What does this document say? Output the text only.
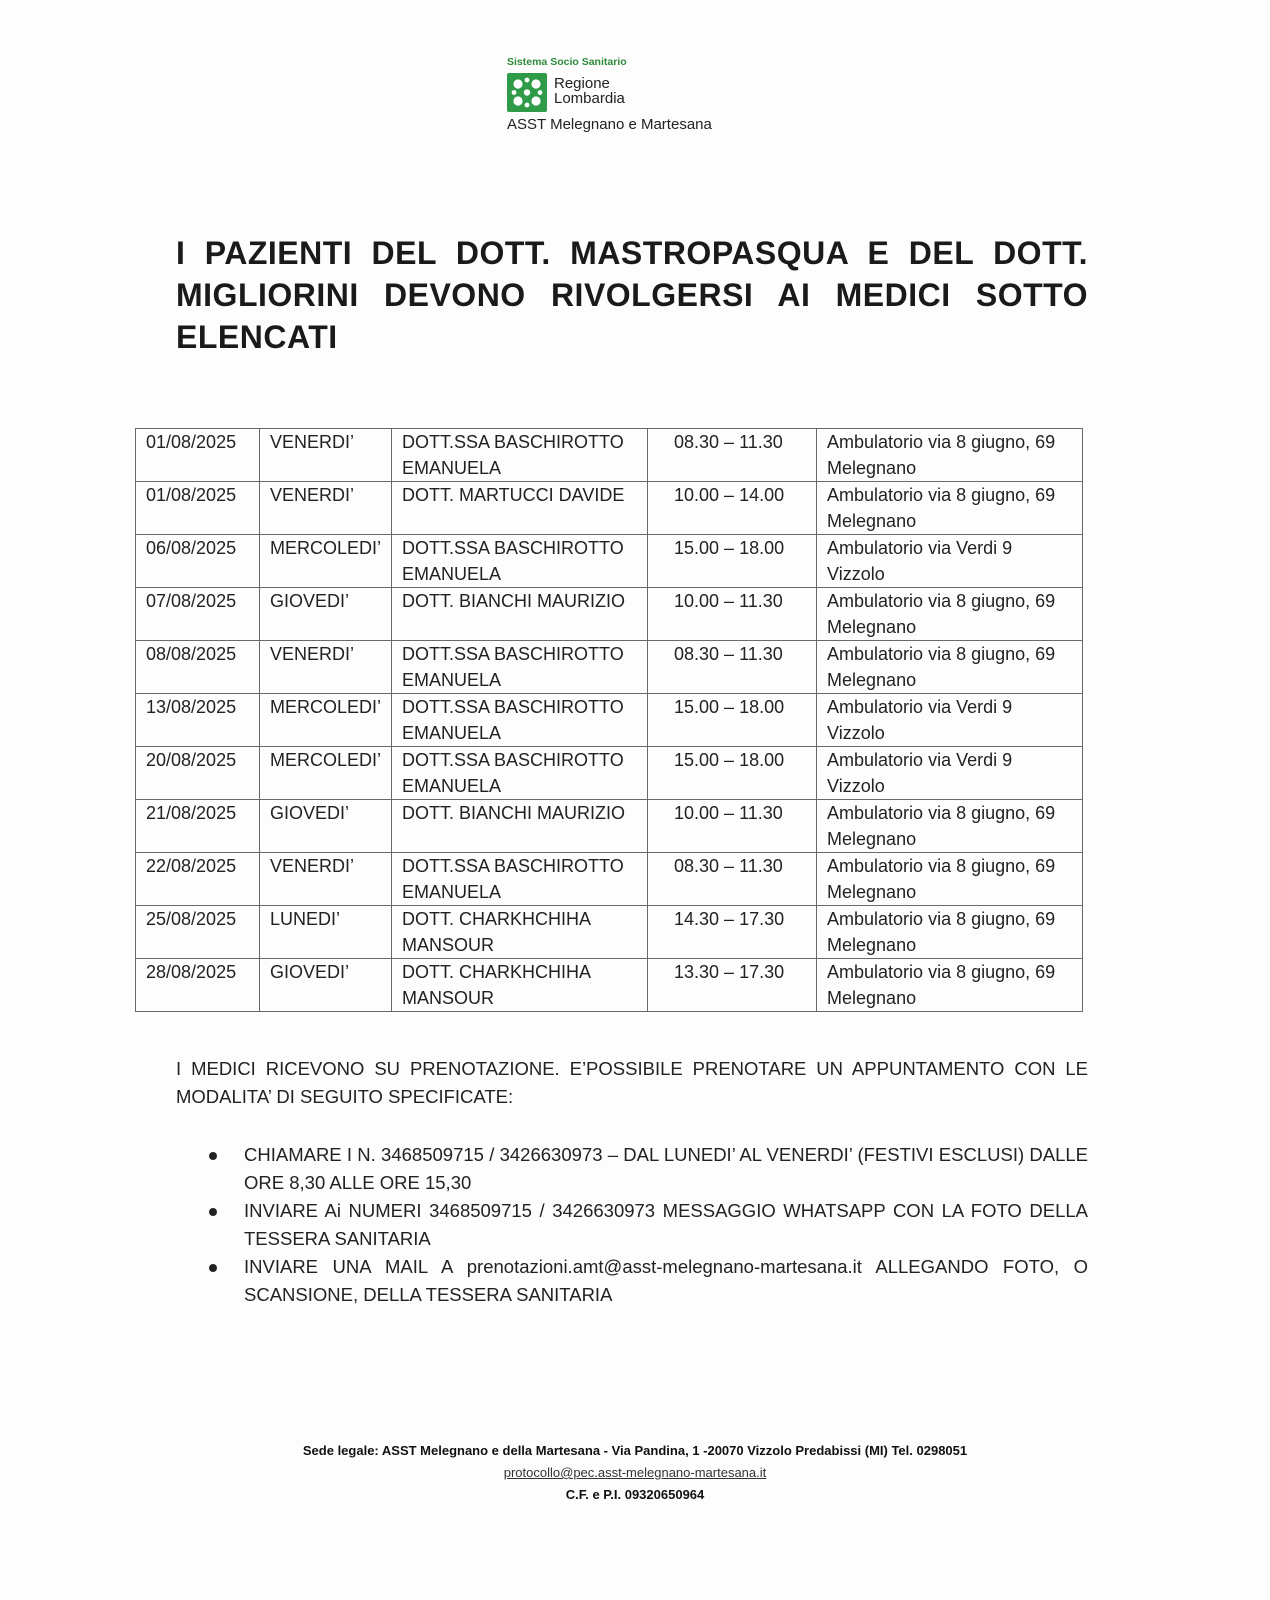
Sistema Socio Sanitario
Regione
Lombardia
ASST Melegnano e Martesana
I PAZIENTI DEL DOTT. MASTROPASQUA E DEL DOTT. MIGLIORINI DEVONO RIVOLGERSI AI MEDICI SOTTO ELENCATI
01/08/2025	VENERDI’	DOTT.SSA BASCHIROTTO EMANUELA	08.30 – 11.30	Ambulatorio via 8 giugno, 69 Melegnano
01/08/2025	VENERDI’	DOTT. MARTUCCI DAVIDE	10.00 – 14.00	Ambulatorio via 8 giugno, 69 Melegnano
06/08/2025	MERCOLEDI’	DOTT.SSA BASCHIROTTO EMANUELA	15.00 – 18.00	Ambulatorio via Verdi 9 Vizzolo
07/08/2025	GIOVEDI’	DOTT. BIANCHI MAURIZIO	10.00 – 11.30	Ambulatorio via 8 giugno, 69 Melegnano
08/08/2025	VENERDI’	DOTT.SSA BASCHIROTTO EMANUELA	08.30 – 11.30	Ambulatorio via 8 giugno, 69 Melegnano
13/08/2025	MERCOLEDI’	DOTT.SSA BASCHIROTTO EMANUELA	15.00 – 18.00	Ambulatorio via Verdi 9 Vizzolo
20/08/2025	MERCOLEDI’	DOTT.SSA BASCHIROTTO EMANUELA	15.00 – 18.00	Ambulatorio via Verdi 9 Vizzolo
21/08/2025	GIOVEDI’	DOTT. BIANCHI MAURIZIO	10.00 – 11.30	Ambulatorio via 8 giugno, 69 Melegnano
22/08/2025	VENERDI’	DOTT.SSA BASCHIROTTO EMANUELA	08.30 – 11.30	Ambulatorio via 8 giugno, 69 Melegnano
25/08/2025	LUNEDI’	DOTT. CHARKHCHIHA MANSOUR	14.30 – 17.30	Ambulatorio via 8 giugno, 69 Melegnano
28/08/2025	GIOVEDI’	DOTT. CHARKHCHIHA MANSOUR	13.30 – 17.30	Ambulatorio via 8 giugno, 69 Melegnano

I MEDICI RICEVONO SU PRENOTAZIONE. E’POSSIBILE PRENOTARE UN APPUNTAMENTO CON LE MODALITA’ DI SEGUITO SPECIFICATE:

CHIAMARE I N. 3468509715 / 3426630973 – DAL LUNEDI’ AL VENERDI’ (FESTIVI ESCLUSI) DALLE ORE 8,30 ALLE ORE 15,30
INVIARE Ai NUMERI 3468509715 / 3426630973 MESSAGGIO WHATSAPP CON LA FOTO DELLA TESSERA SANITARIA
INVIARE UNA MAIL A prenotazioni.amt@asst-melegnano-martesana.it ALLEGANDO FOTO, O SCANSIONE, DELLA TESSERA SANITARIA
Sede legale: ASST Melegnano e della Martesana - Via Pandina, 1 -20070 Vizzolo Predabissi (MI) Tel. 0298051
protocollo@pec.asst-melegnano-martesana.it
C.F. e P.I. 09320650964
